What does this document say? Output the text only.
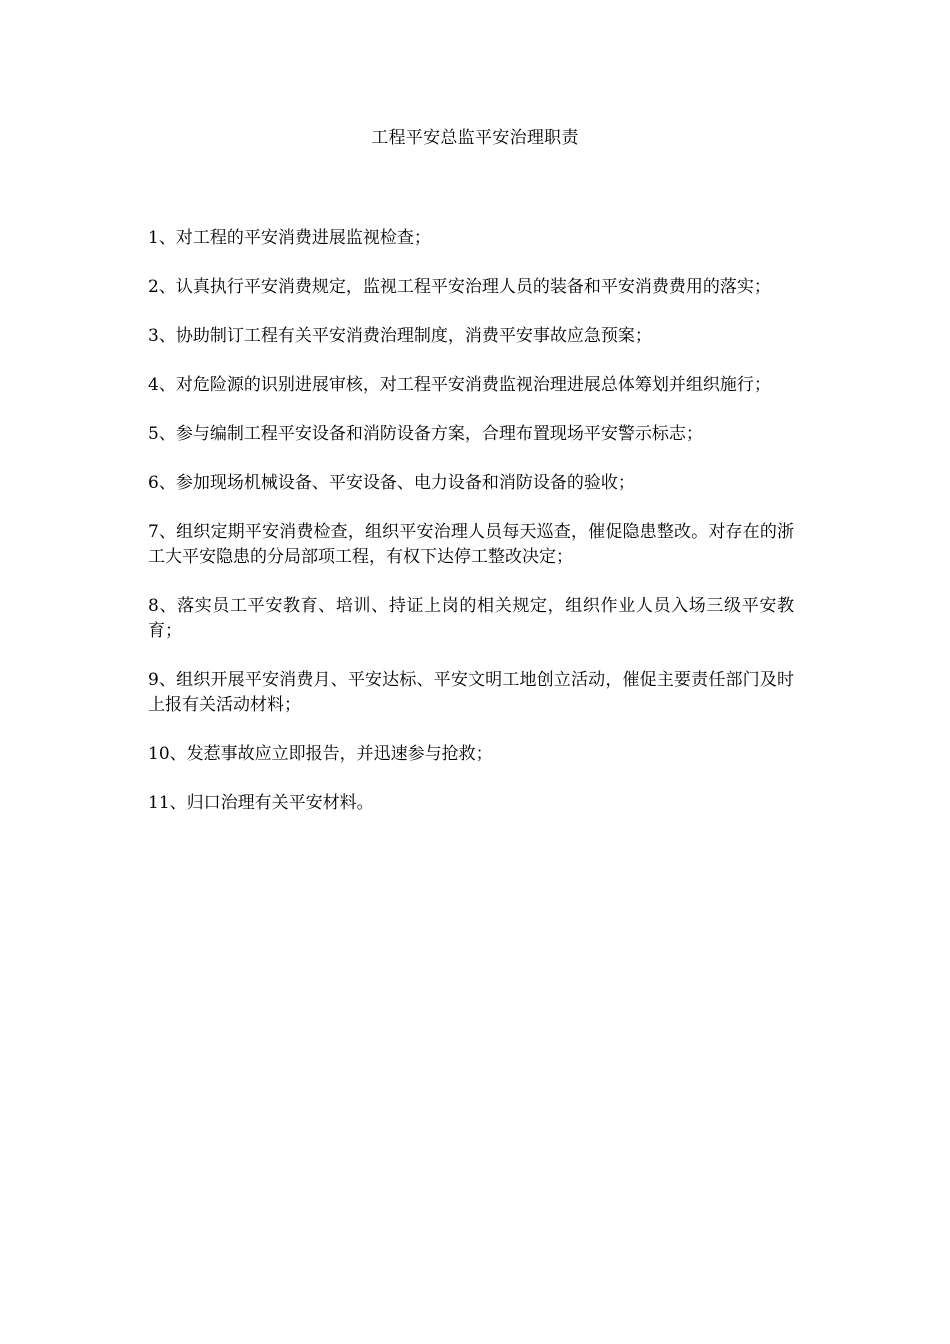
工程平安总监平安治理职责
1、对工程的平安消费进展监视检查；
2、认真执行平安消费规定，监视工程平安治理人员的装备和平安消费费用的落实；
3、协助制订工程有关平安消费治理制度，消费平安事故应急预案；
4、对危险源的识别进展审核，对工程平安消费监视治理进展总体筹划并组织施行；
5、参与编制工程平安设备和消防设备方案，合理布置现场平安警示标志；
6、参加现场机械设备、平安设备、电力设备和消防设备的验收；
7、组织定期平安消费检查，组织平安治理人员每天巡查，催促隐患整改。对存在的浙工大平安隐患的分局部项工程，有权下达停工整改决定；
8、落实员工平安教育、培训、持证上岗的相关规定，组织作业人员入场三级平安教育；
9、组织开展平安消费月、平安达标、平安文明工地创立活动，催促主要责任部门及时上报有关活动材料；
10、发惹事故应立即报告，并迅速参与抢救；
11、归口治理有关平安材料。
